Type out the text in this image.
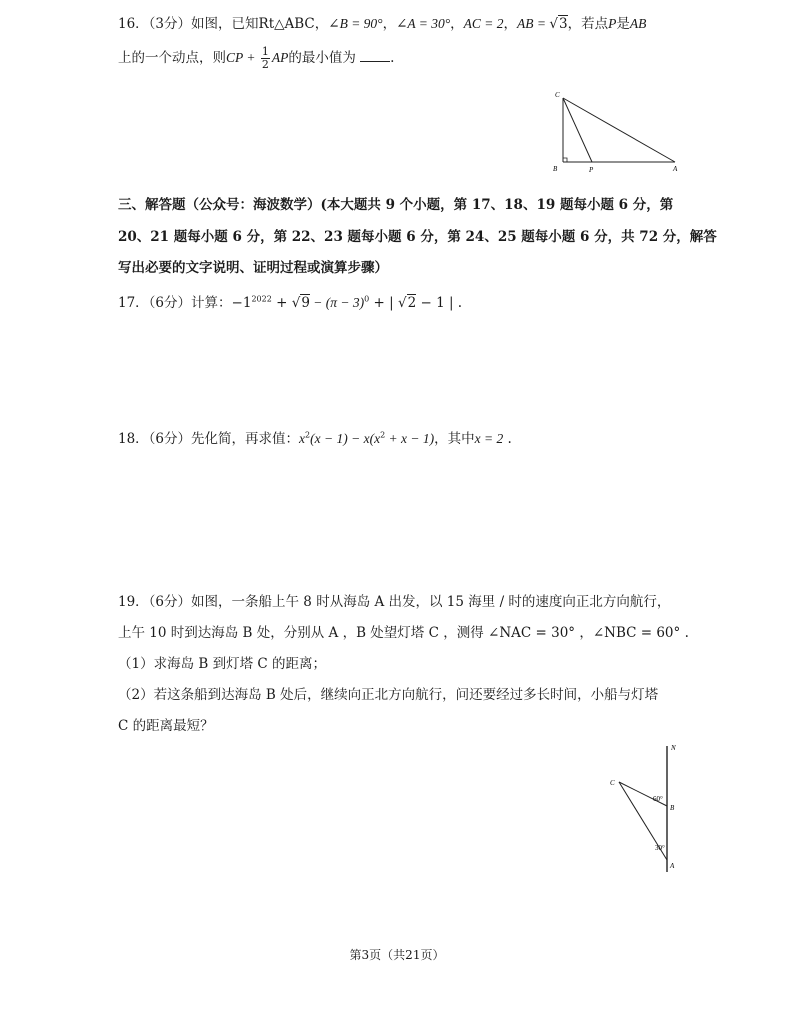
16．（3分）如图，已知Rt△ABC，∠B = 90°，∠A = 30°，AC = 2，AB = √3，若点P是AB
上的一个动点，则CP + $\frac{1}{2}$ AP的最小值为	.
C
B	P	A
三、解答题（公众号：海波数学）(本大题共 9 个小题，第 17、18、19 题每小题 6 分，第
20、21 题每小题 6 分，第 22、23 题每小题 6 分，第 24、25 题每小题 6 分，共 72 分，解答
写出必要的文字说明、证明过程或演算步骤）
17．（6分）计算：$-1^{2022} + √9 - (\pi - 3)^0$ + | √2 − 1 | .
18．（6分）先化简，再求值：$x^2(x - 1) - x(x^2 + x - 1)$，其中x = 2 .
19．（6分）如图，一条船上午 8 时从海岛 A 出发，以 15 海里 / 时的速度向正北方向航行，
上午 10 时到达海岛 B 处，分别从 A ，B 处望灯塔 C ，测得 ∠NAC = 30° ，∠NBC = 60° .
（1）求海岛 B 到灯塔 C 的距离；
（2）若这条船到达海岛 B 处后，继续向正北方向航行，问还要经过多长时间，小船与灯塔
C 的距离最短？
N
C
B
A
60°
30°
第3页（共21页）
